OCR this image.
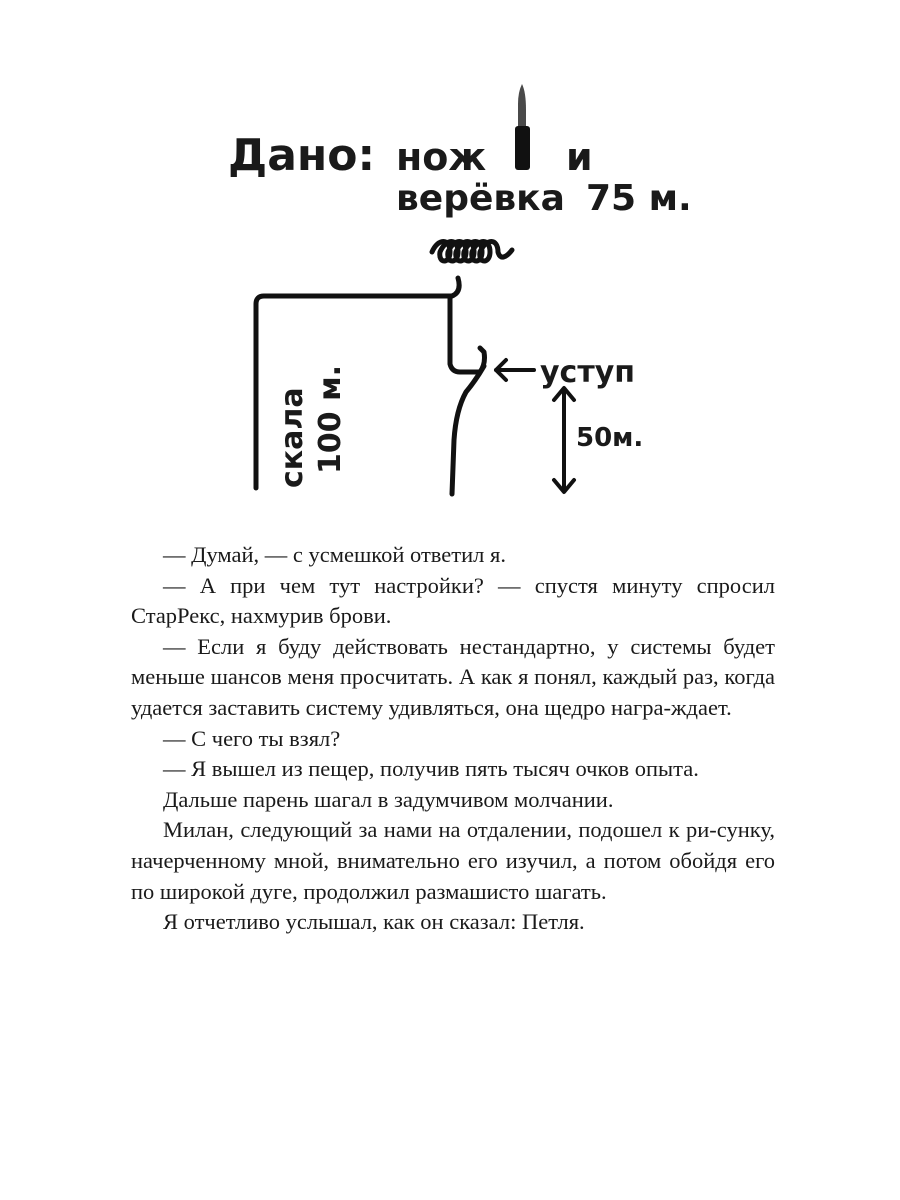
Дано: нож и
верёвка 75 м.
скала 100 м.	уступ
50м.

— Думай, — с усмешкой ответил я.

— А при чем тут настройки? — спустя минуту спросил СтарРекс, нахмурив брови.

— Если я буду действовать нестандартно, у системы будет меньше шансов меня просчитать. А как я понял, каждый раз, когда удается заставить систему удивляться, она щедро награ-ждает.

— С чего ты взял?

— Я вышел из пещер, получив пять тысяч очков опыта.

Дальше парень шагал в задумчивом молчании.

Милан, следующий за нами на отдалении, подошел к ри-сунку, начерченному мной, внимательно его изучил, а потом обойдя его по широкой дуге, продолжил размашисто шагать.

Я отчетливо услышал, как он сказал: Петля.
